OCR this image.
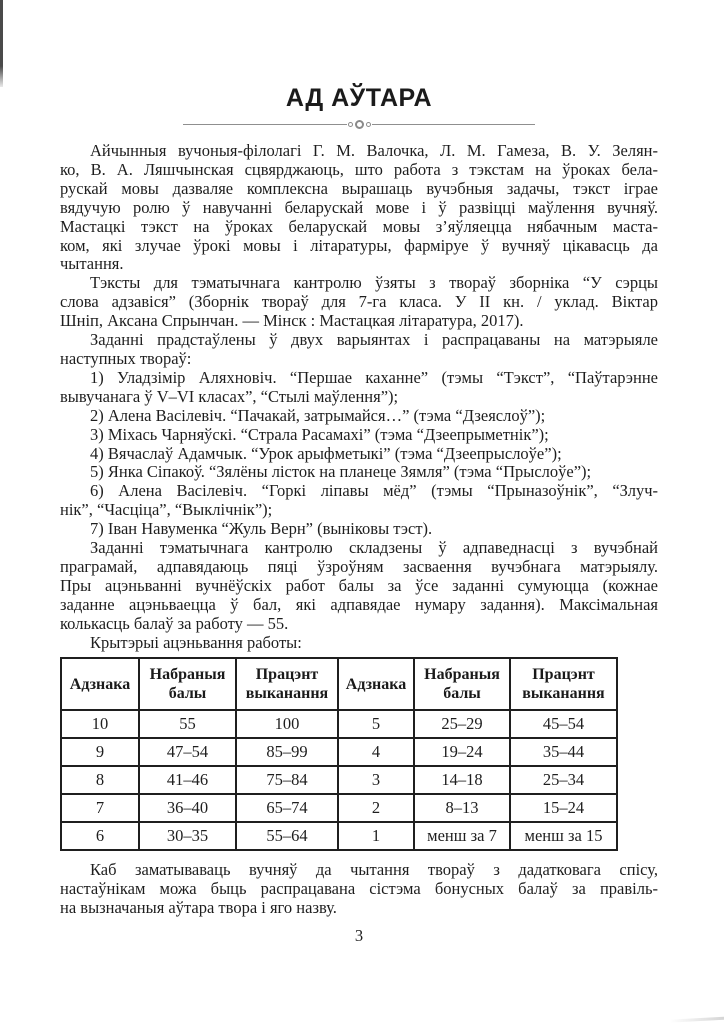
АД АЎТАРА
Айчынныя вучоныя-філолагі Г. М. Валочка, Л. М. Гамеза, В. У. Зелян-
ко, В. А. Ляшчынская сцвярджаюць, што работа з тэкстам на ўроках бела-
рускай мовы дазваляе комплексна вырашаць вучэбныя задачы, тэкст іграе
вядучую ролю ў навучанні беларускай мове і ў развіцці маўлення вучняў.
Мастацкі тэкст на ўроках беларускай мовы з’яўляецца нябачным маста-
ком, які злучае ўрокі мовы і літаратуры, фарміруе ў вучняў цікавасць да
чытання.
Тэксты для тэматычнага кантролю ўзяты з твораў зборніка “У сэрцы
слова адзавіся” (Зборнік твораў для 7-га класа. У II кн. / уклад. Віктар
Шніп, Аксана Спрынчан. — Мінск : Мастацкая літаратура, 2017).
Заданні прадстаўлены ў двух варыянтах і распрацаваны на матэрыяле
наступных твораў:
1) Уладзімір Аляхновіч. “Першае каханне” (тэмы “Тэкст”, “Паўтарэнне
вывучанага ў V–VI класах”, “Стылі маўлення”);
2) Алена Васілевіч. “Пачакай, затрымайся…” (тэма “Дзеяслоў”);
3) Міхась Чарняўскі. “Страла Расамахі” (тэма “Дзеепрыметнік”);
4) Вячаслаў Адамчык. “Урок арыфметыкі” (тэма “Дзеепрыслоўе”);
5) Янка Сіпакоў. “Зялёны лісток на планеце Зямля” (тэма “Прыслоўе”);
6) Алена Васілевіч. “Горкі ліпавы мёд” (тэмы “Прыназоўнік”, “Злуч-
нік”, “Часціца”, “Выклічнік”);
7) Іван Навуменка “Жуль Верн” (выніковы тэст).
Заданні тэматычнага кантролю складзены ў адпаведнасці з вучэбнай
праграмай, адпавядаюць пяці ўзроўням засваення вучэбнага матэрыялу.
Пры ацэньванні вучнёўскіх работ балы за ўсе заданні сумуюцца (кожнае
заданне ацэньваецца ў бал, які адпавядае нумару задання). Максімальная
колькасць балаў за работу — 55.
Крытэрыі ацэньвання работы:
Адзнака	Набраныя балы	Працэнт выканання	Адзнака	Набраныя балы	Працэнт выканання
10	55	100	5	25–29	45–54
9	47–54	85–99	4	19–24	35–44
8	41–46	75–84	3	14–18	25–34
7	36–40	65–74	2	8–13	15–24
6	30–35	55–64	1	менш за 7	менш за 15
Каб заматываваць вучняў да чытання твораў з дадатковага спісу,
настаўнікам можа быць распрацавана сістэма бонусных балаў за правіль-
на вызначаныя аўтара твора і яго назву.
3
